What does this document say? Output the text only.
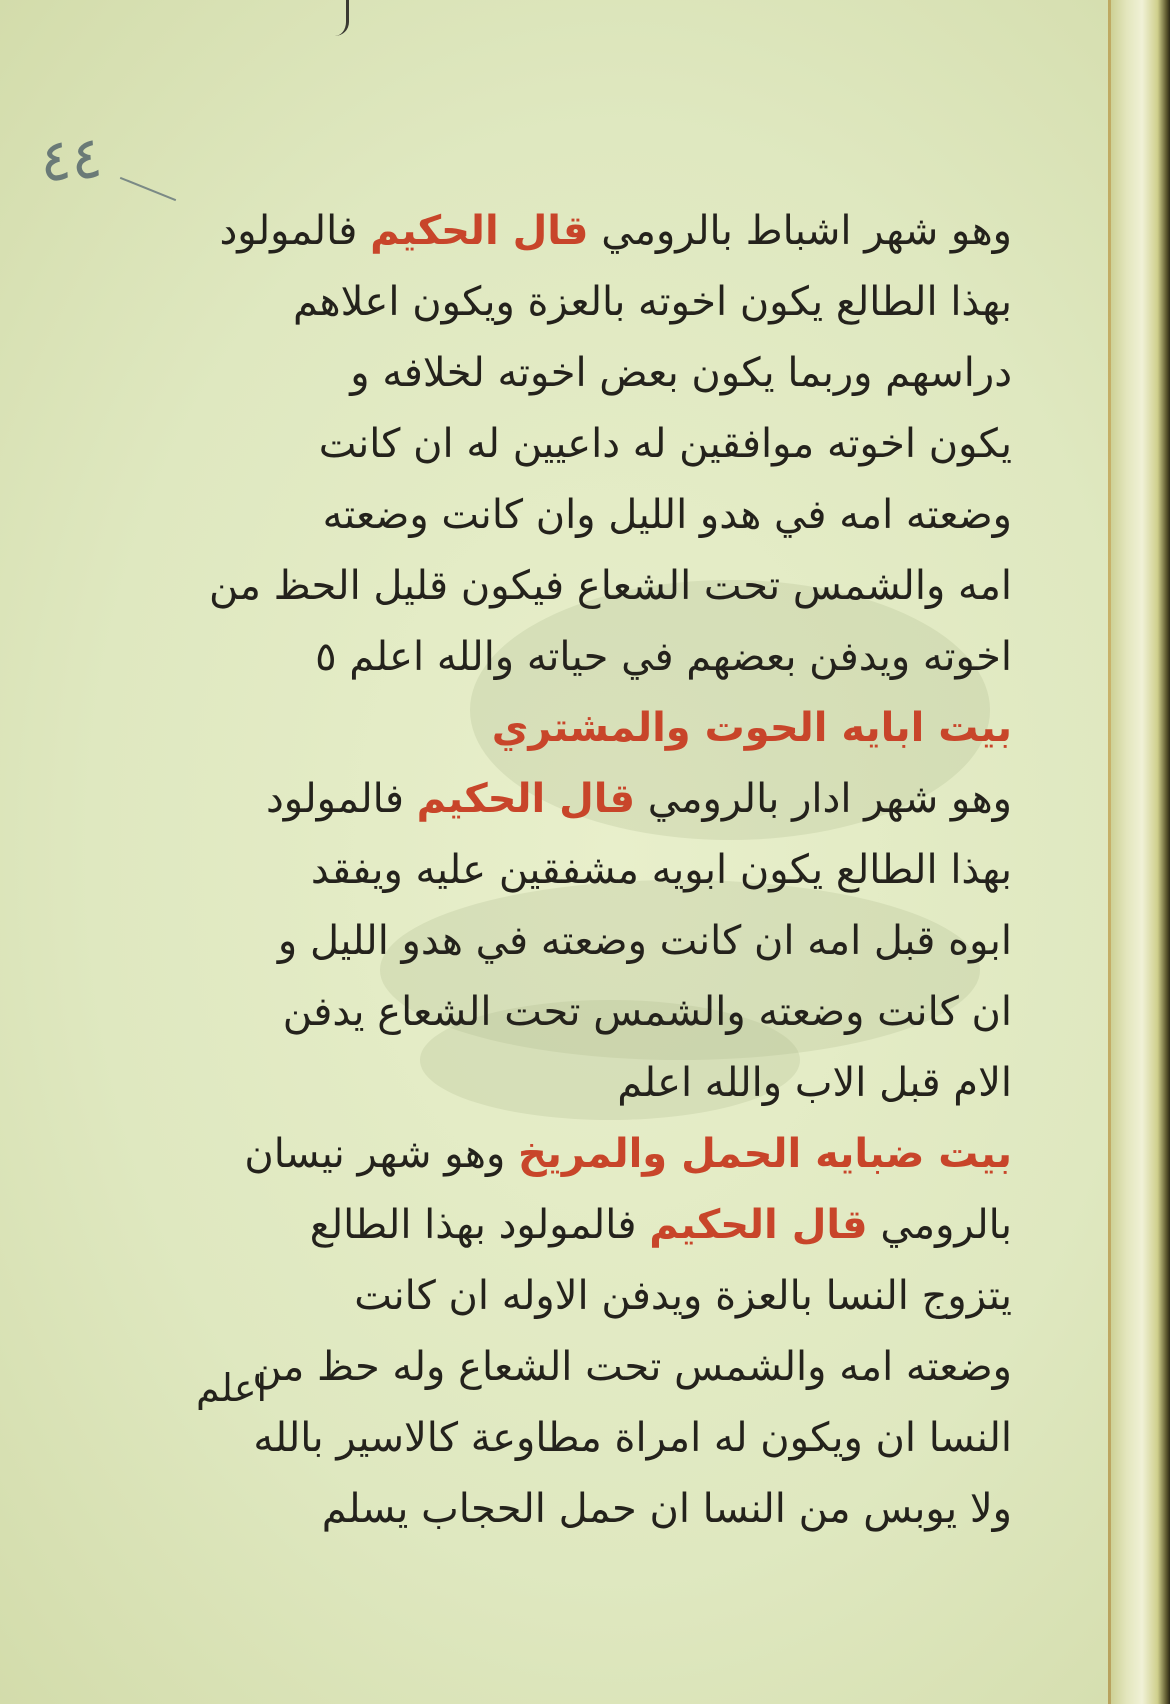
٤٤
وهو شهر اشباط بالرومي قال الحكيم فالمولود
بهذا الطالع يكون اخوته بالعزة ويكون اعلاهم
دراسهم وربما يكون بعض اخوته لخلافه و
يكون اخوته موافقين له داعيين له ان كانت
وضعته امه في هدو الليل وان كانت وضعته
امه والشمس تحت الشعاع فيكون قليل الحظ من
اخوته ويدفن بعضهم في حياته والله اعلم ٥
بيت ابايه الحوت والمشتري
وهو شهر ادار بالرومي قال الحكيم فالمولود
بهذا الطالع يكون ابويه مشفقين عليه ويفقد
ابوه قبل امه ان كانت وضعته في هدو الليل و
ان كانت وضعته والشمس تحت الشعاع يدفن
الام قبل الاب والله اعلم
بيت ضبايه الحمل والمريخ وهو شهر نيسان
بالرومي قال الحكيم فالمولود بهذا الطالع
يتزوج النسا بالعزة ويدفن الاوله ان كانت
وضعته امه والشمس تحت الشعاع وله حظ من
النسا ان ويكون له امراة مطاوعة كالاسير بالله
ولا يوبس من النسا ان حمل الحجاب يسلم
اعلم
